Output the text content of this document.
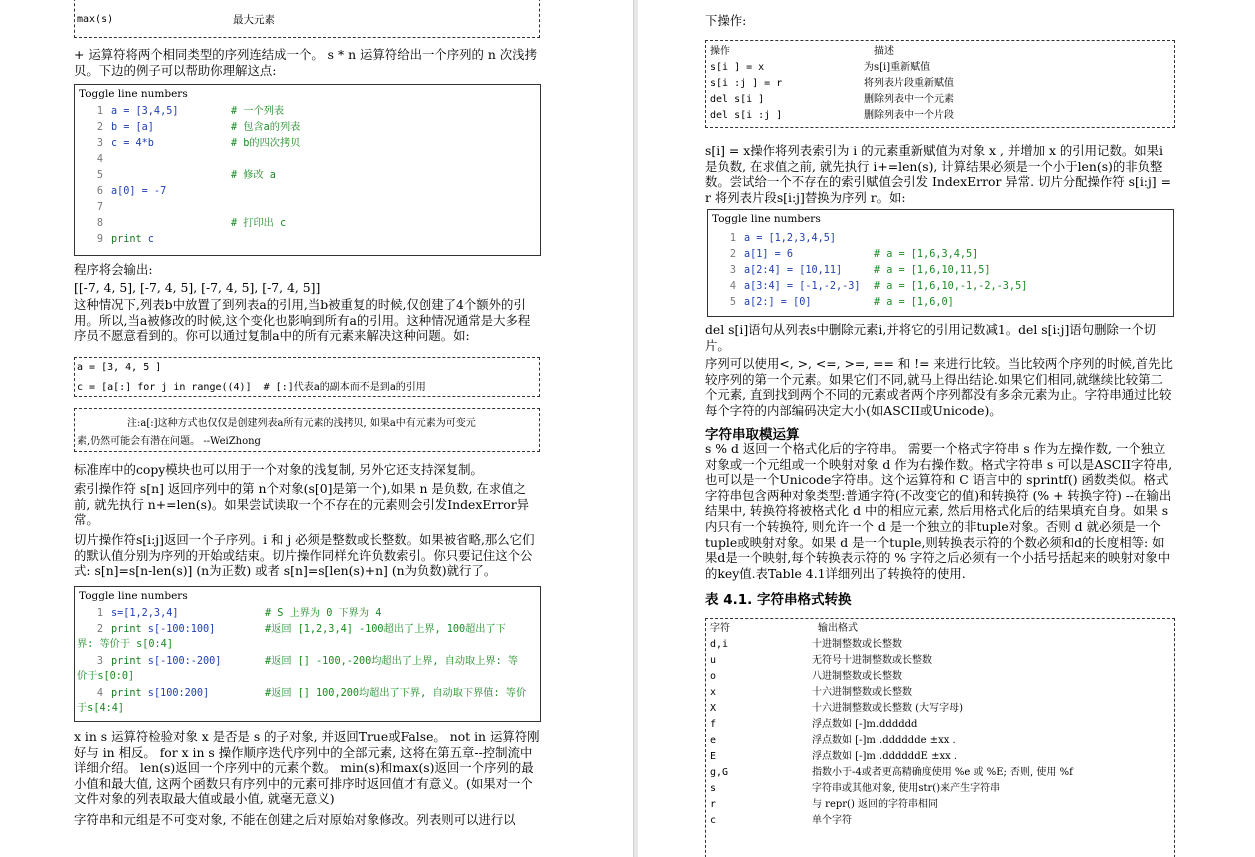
max(s)	最大元素
+ 运算符将两个相同类型的序列连结成一个。 s * n 运算符给出一个序列的 n 次浅拷贝。下边的例子可以帮助你理解这点:
Toggle line numbers
1 a = [3,4,5]	# 一个列表
2 b = [a]	# 包含a的列表
3 c = 4*b	# b的四次拷贝
4
5	# 修改 a
6 a[0] = -7
7
8	# 打印出 c
9 print c
程序将会输出:
[[-7, 4, 5], [-7, 4, 5], [-7, 4, 5], [-7, 4, 5]]
这种情况下,列表b中放置了到列表a的引用,当b被重复的时候,仅创建了4个额外的引用。所以,当a被修改的时候,这个变化也影响到所有a的引用。这种情况通常是大多程序员不愿意看到的。你可以通过复制a中的所有元素来解决这种问题。如:
a = [3, 4, 5 ]
c = [a[:] for j in range((4)]  # [:]代表a的副本而不是到a的引用
注:a[:]这种方式也仅仅是创建列表a所有元素的浅拷贝, 如果a中有元素为可变元
素,仍然可能会有潜在问题。 --WeiZhong
标准库中的copy模块也可以用于一个对象的浅复制, 另外它还支持深复制。
索引操作符 s[n] 返回序列中的第 n个对象(s[0]是第一个),如果 n 是负数, 在求值之前, 就先执行 n+=len(s)。如果尝试读取一个不存在的元素则会引发IndexError异常。
切片操作符s[i:j]返回一个子序列。i 和 j 必须是整数或长整数。如果被省略,那么它们的默认值分别为序列的开始或结束。切片操作同样允许负数索引。你只要记住这个公式: s[n]=s[n-len(s)] (n为正数) 或者 s[n]=s[len(s)+n] (n为负数)就行了。
Toggle line numbers
1 s=[1,2,3,4]	# S 上界为 0 下界为 4
2 print s[-100:100]	#返回 [1,2,3,4] -100超出了上界, 100超出了下
界: 等价于 s[0:4]
3 print s[-100:-200]	#返回 [] -100,-200均超出了上界, 自动取上界: 等
价于s[0:0]
4 print s[100:200]	#返回 [] 100,200均超出了下界, 自动取下界值: 等价
于s[4:4]
x in s 运算符检验对象 x 是否是 s 的子对象, 并返回True或False。 not in 运算符刚好与 in 相反。 for x in s 操作顺序迭代序列中的全部元素, 这将在第五章--控制流中详细介绍。 len(s)返回一个序列中的元素个数。 min(s)和max(s)返回一个序列的最小值和最大值, 这两个函数只有序列中的元素可排序时返回值才有意义。(如果对一个文件对象的列表取最大值或最小值, 就毫无意义)
字符串和元组是不可变对象, 不能在创建之后对原始对象修改。列表则可以进行以
下操作:
操作	描述
s[i ] = x	为s[i]重新赋值
s[i :j ] = r	将列表片段重新赋值
del s[i ]	删除列表中一个元素
del s[i :j ]	删除列表中一个片段
s[i] = x操作将列表索引为 i 的元素重新赋值为对象 x , 并增加 x 的引用记数。如果i 是负数, 在求值之前, 就先执行 i+=len(s), 计算结果必须是一个小于len(s)的非负整数。尝试给一个不存在的索引赋值会引发 IndexError 异常. 切片分配操作符 s[i:j] = r 将列表片段s[i:j]替换为序列 r。如:
Toggle line numbers
1 a = [1,2,3,4,5]
2 a[1] = 6	# a = [1,6,3,4,5]
3 a[2:4] = [10,11]	# a = [1,6,10,11,5]
4 a[3:4] = [-1,-2,-3] # a = [1,6,10,-1,-2,-3,5]
5 a[2:] = [0]	# a = [1,6,0]
del s[i]语句从列表s中删除元素i,并将它的引用记数减1。del s[i:j]语句删除一个切片。
序列可以使用<, >, <=, >=, == 和 != 来进行比较。当比较两个序列的时候,首先比较序列的第一个元素。如果它们不同,就马上得出结论.如果它们相同,就继续比较第二个元素, 直到找到两个不同的元素或者两个序列都没有多余元素为止。字符串通过比较每个字符的内部编码决定大小(如ASCII或Unicode)。
字符串取模运算
s % d 返回一个格式化后的字符串。 需要一个格式字符串 s 作为左操作数, 一个独立对象或一个元组或一个映射对象 d 作为右操作数。格式字符串 s 可以是ASCII字符串, 也可以是一个Unicode字符串。这个运算符和 C 语言中的 sprintf() 函数类似。格式字符串包含两种对象类型:普通字符(不改变它的值)和转换符 (% + 转换字符) --在输出结果中, 转换符将被格式化 d 中的相应元素, 然后用格式化后的结果填充自身。如果 s 内只有一个转换符, 则允许一个 d 是一个独立的非tuple对象。否则 d 就必须是一个tuple或映射对象。如果 d 是一个tuple,则转换表示符的个数必须和d的长度相等: 如果d是一个映射,每个转换表示符的 % 字符之后必须有一个小括号括起来的映射对象中的key值.表Table 4.1详细列出了转换符的使用.
表 4.1. 字符串格式转换
字符	输出格式
d,i	十进制整数或长整数
u	无符号十进制整数或长整数
o	八进制整数或长整数
x	十六进制整数或长整数
X	十六进制整数或长整数 (大写字母)
f	浮点数如 [-]m.dddddd
e	浮点数如 [-]m .dddddde ±xx .
E	浮点数如 [-]m .ddddddE ±xx .
g,G	指数小于-4或者更高精确度使用 %e 或 %E; 否则, 使用 %f
s	字符串或其他对象, 使用str()来产生字符串
r	与 repr() 返回的字符串相同
c	单个字符
